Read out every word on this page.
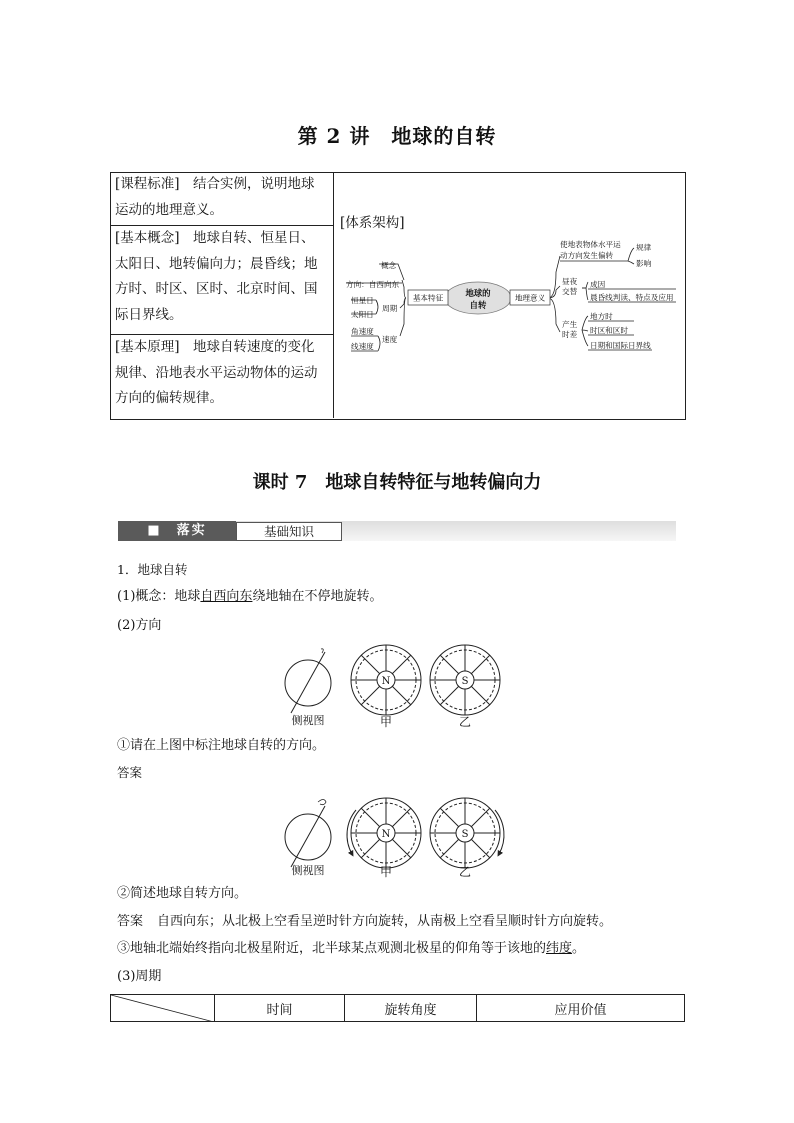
第 2 讲　地球的自转
[课程标准]　结合实例，说明地球运动的地理意义。
[基本概念]　地球自转、恒星日、太阳日、地转偏向力；晨昏线；地方时、时区、区时、北京时间、国际日界线。
[基本原理]　地球自转速度的变化规律、沿地表水平运动物体的运动方向的偏转规律。
[体系架构]
地球的
自转
基本特征	地理意义
概念
方向：自西向东
恒星日
太阳日
周期
角速度
线速度
速度
使地表物体水平运
动方向发生偏转
规律
影响
昼夜
交替
成因
晨昏线判读、特点及应用
产生
时差
地方时
时区和区时
日期和国际日界线
课时 7　地球自转特征与地转偏向力
■　落实	基础知识
1．地球自转
(1)概念：地球自西向东绕地轴在不停地旋转。
(2)方向
N	S
侧视图	甲	乙
①请在上图中标注地球自转的方向。
答案
N	S
侧视图	甲	乙
②简述地球自转方向。
答案 自西向东；从北极上空看呈逆时针方向旋转，从南极上空看呈顺时针方向旋转。
③地轴北端始终指向北极星附近，北半球某点观测北极星的仰角等于该地的纬度。
(3)周期
	时间	旋转角度	应用价值
